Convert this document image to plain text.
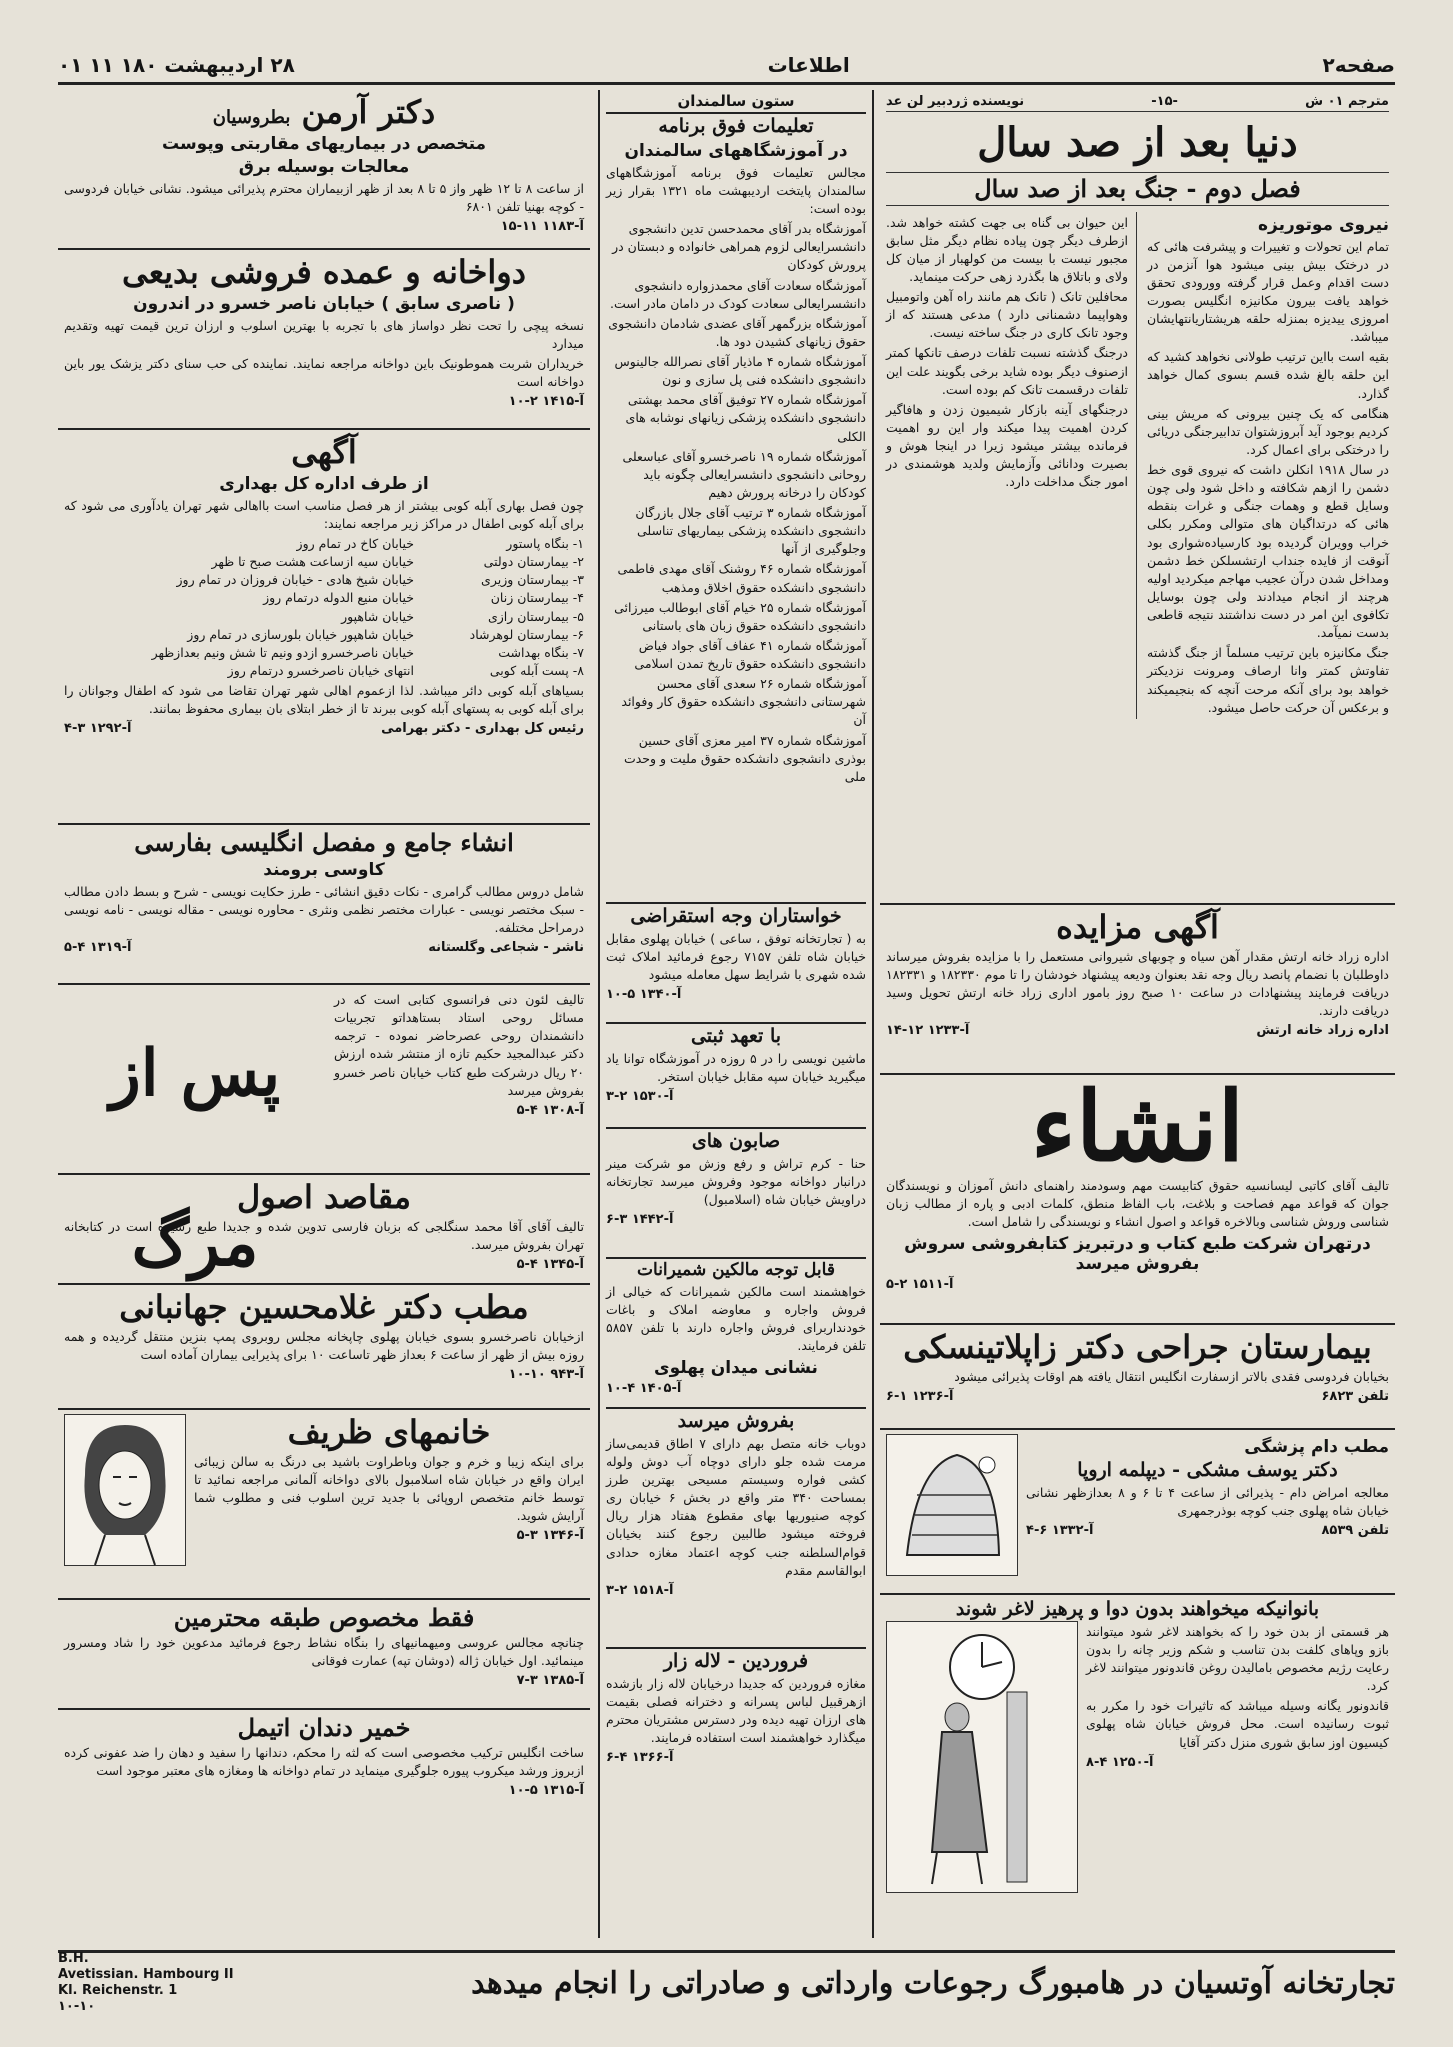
صفحه۲
اطلاعات
۲۸ اردیبهشت ۱۸۰ ۱۱ ۰۱
مترجم ۰۱ ش
-۱۵-
نویسنده ژردبیر لن عد
دنیا بعد از صد سال
فصل دوم - جنگ بعد از صد سال
نیروی موتوریزه

تمام این تحولات و تغییرات و پیشرفت هائی که در درختک بیش بینی میشود هوا آنزمن در دست اقدام وعمل قرار گرفته وورودی تحقق خواهد یافت بیرون مکانیزه انگلیس بصورت امروزی ییدیزه بمنزله حلقه هریشتاریانتهایشان میباشد.

بقیه است بااین ترتیب طولانی نخواهد کشید که این حلقه بالغ شده قسم بسوی کمال خواهد گذارد.

هنگامی که یک چنین بیرونی که مریش بینی کردیم بوجود آید آبروزشتوان تدابیرجنگی دریائی را درختکی برای اعمال کرد.

در سال ۱۹۱۸ انکلن داشت که نیروی قوی خط دشمن را ازهم شکافته و داخل شود ولی چون وسایل قطع و وهمات جنگی و غرات بنقطه هائی که درتداگیان های متوالی ومکرر بکلی خراب وویران گردیده بود کارسیاده‌شواری بود آنوقت از فایده جنداب ارتشسلکن خط دشمن ومداخل شدن درآن عجیب مهاجم میکردید اولیه هرچند از انجام میدادند ولی چون بوسایل تکافوی این امر در دست نداشتند نتیجه قاطعی بدست نمیآمد.

جنگ مکانیزه باین ترتیب مسلماً از جنگ گذشته تفاوتش کمتر وانا ارصاف ومرونت نزدیکتر خواهد بود برای آنکه مرحت آنچه که بنجیمیکند و برعکس آن حرکت حاصل میشود.

این حیوان بی گناه بی جهت کشته خواهد شد. ازطرف دیگر چون پیاده نظام دیگر مثل سابق مجبور نیست با بیست من کولهبار از میان کل ولای و باتلاق ها بگذرد زهی حرکت مینماید.

محافلین تانک ( تانک هم مانند راه آهن واتومبیل وهواپیما دشمنانی دارد ) مدعی هستند که از وجود تانک کاری در جنگ ساخته نیست.

درجنگ گذشته نسبت تلفات درصف تانکها کمتر ازصنوف دیگر بوده شاید برخی بگویند علت این تلفات درقسمت تانک کم بوده است.

درجنگهای آینه بازکار شیمیون زدن و هافاگیر کردن اهمیت پیدا میکند وار این رو اهمیت فرمانده بیشتر میشود زیرا در اینجا هوش و بصیرت ودانائی وآزمایش ولدید هوشمندی در امور جنگ مداخلت دارد.

آگهی مزایده

اداره زراد خانه ارتش مقدار آهن سیاه و چوبهای شیروانی مستعمل را با مزایده بفروش میرساند داوطلبان با نضمام پانصد ریال وجه نقد بعنوان ودیعه پیشنهاد خودشان را تا موم ۱۸۲۳۳۰ و ۱۸۲۳۳۱ دریافت فرمایند پیشنهادات در ساعت ۱۰ صبح روز بامور اداری زراد خانه ارتش تحویل وسید دریافت دارند.

اداره زراد خانه ارتش
آ-۱۲۳۳ ۱۲-۱۴
انشاء

تالیف آقای کاتبی لیسانسیه حقوق کتابیست مهم وسودمند راهنمای دانش آموزان و نویسندگان جوان که قواعد مهم فصاحت و بلاغت، باب الفاظ منطق، کلمات ادبی و پاره از مطالب زبان شناسی وروش شناسی وبالاخره قواعد و اصول انشاء و نویسندگی را شامل است.

درتهران شرکت طبع کتاب و درتبریز کتابفروشی سروش بفروش میرسد
آ-۱۵۱۱ ۲-۵
بیمارستان جراحی دکتر زاپلاتینسکی

بخیابان فردوسی فقدی بالاتر ازسفارت انگلیس انتقال یافته هم اوقات پذیرائی میشود

تلفن ۶۸۲۳
آ-۱۲۳۶ ۱-۶
مطب دام پزشگی
دکتر یوسف مشکی - دیپلمه اروپا

معالجه امراض دام - پذیرائی از ساعت ۴ تا ۶ و ۸ بعدازظهر نشانی خیابان شاه پهلوی جنب کوچه بوذرجمهری

تلفن ۸۵۳۹
آ-۱۳۳۲ ۶-۴
بانوانیکه میخواهند بدون دوا و پرهیز لاغر شوند

هر قسمتی از بدن خود را که بخواهند لاغر شود میتوانند بازو وپاهای کلفت بدن تناسب و شکم وزیر چانه را بدون رعایت رژیم مخصوص بامالیدن روغن قاندونور میتوانند لاغر کرد.

قاندونور یگانه وسیله میباشد که تاثیرات خود را مکرر به ثبوت رسانیده است. محل فروش خیابان شاه پهلوی کیسیون اوز سابق شوری منزل دکتر آقایا

آ-۱۲۵۰ ۴-۸
ستون سالمندان
تعلیمات فوق برنامه
در آموزشگاههای سالمندان

مجالس تعلیمات فوق برنامه آموزشگاههای سالمندان پایتخت اردیبهشت ماه ۱۳۲۱ بقرار زیر بوده است:

آموزشگاه بدر آقای محمدحسن تدین دانشجوی دانشسرایعالی لزوم همراهی خانواده و دبستان در پرورش کودکان
آموزشگاه سعادت آقای محمدزواره دانشجوی دانشسرایعالی سعادت کودک در دامان مادر است.
آموزشگاه بزرگمهر آقای عضدی شادمان دانشجوی حقوق زیانهای کشیدن دود ها.
آموزشگاه شماره ۴ ماذیار آقای نصرالله جالینوس دانشجوی دانشکده فنی پل سازی و نون
آموزشگاه شماره ۲۷ توفیق آقای محمد بهشتی دانشجوی دانشکده پزشکی زیانهای نوشابه های الکلی
آموزشگاه شماره ۱۹ ناصرخسرو آقای عباسعلی روحانی دانشجوی دانشسرایعالی چگونه باید کودکان را درخانه پرورش دهیم
آموزشگاه شماره ۳ ترتیب آقای جلال بازرگان دانشجوی دانشکده پزشکی بیماریهای تناسلی وجلوگیری از آنها
آموزشگاه شماره ۴۶ روشنک آقای مهدی فاطمی دانشجوی دانشکده حقوق اخلاق ومذهب
آموزشگاه شماره ۲۵ خیام آقای ابوطالب میرزائی دانشجوی دانشکده حقوق زبان های باستانی
آموزشگاه شماره ۴۱ عفاف آقای جواد فیاض دانشجوی دانشکده حقوق تاریخ تمدن اسلامی
آموزشگاه شماره ۲۶ سعدی آقای محسن شهرستانی دانشجوی دانشکده حقوق کار وفوائد آن
آموزشگاه شماره ۳۷ امیر معزی آقای حسین بوذری دانشجوی دانشکده حقوق ملیت و وحدت ملی
خواستاران وجه استقراضی

به ( تجارتخانه توفق ، ساعی ) خیابان پهلوی مقابل خیابان شاه تلفن ۷۱۵۷ رجوع فرمائید املاک ثبت شده شهری با شرایط سهل معامله میشود

آ-۱۳۴۰ ۵-۱۰
با تعهد ثبتی

ماشین نویسی را در ۵ روزه در آموزشگاه توانا یاد میگیرید خیابان سپه مقابل خیابان استخر.

آ-۱۵۳۰ ۲-۳
صابون های

حنا - کرم تراش و رفع وزش مو شرکت مینر درانبار دواخانه موجود وفروش میرسد تجارتخانه دراویش خیابان شاه (اسلامبول)

آ-۱۴۴۲ ۳-۶
قابل توجه مالکین شمیرانات

خواهشمند است مالکین شمیرانات که خیالی از فروش واجاره و معاوضه املاک و باغات خودنداربرای فروش واجاره دارند با تلفن ۵۸۵۷ تلفن فرمایند.

نشانی میدان پهلوی
آ-۱۴۰۵ ۴-۱۰
بفروش میرسد

دوباب خانه متصل بهم دارای ۷ اطاق قدیمی‌ساز مرمت شده جلو دارای دوچاه آب دوش ولوله کشی فواره وسیستم مسیحی بهترین طرز بمساحت ۳۴۰ متر واقع در بخش ۶ خیابان ری کوچه صنیوریها بهای مقطوع هفتاد هزار ریال فروخته میشود طالبین رجوع کنند بخیابان قوام‌السلطنه جنب کوچه اعتماد مغازه حدادی ابوالقاسم مقدم

آ-۱۵۱۸ ۲-۳
فروردین - لاله زار

مغازه فروردین که جدیدا درخیابان لاله زار بازشده ازهرقبیل لباس پسرانه و دخترانه فصلی بقیمت های ارزان تهیه دیده ودر دسترس مشتریان محترم میگذارد خواهشمند است استفاده فرمایند.

آ-۱۳۶۶ ۴-۶
دکتر آرمن بطروسیان
متخصص در بیماریهای مقاربتی وپوست
معالجات بوسیله برق

از ساعت ۸ تا ۱۲ ظهر واز ۵ تا ۸ بعد از ظهر ازبیماران محترم پذیرائی میشود. نشانی خیابان فردوسی - کوچه بهنیا تلفن ۶۸۰۱

آ-۱۱۸۳ ۱۱-۱۵
دواخانه و عمده فروشی بدیعی
( ناصری سابق ) خیابان ناصر خسرو در اندرون

نسخه پیچی را تحت نظر دواساز های با تجربه با بهترین اسلوب و ارزان ترین قیمت تهیه وتقدیم میدارد

خریداران شربت هموطونیک باین دواخانه مراجعه نمایند. نماینده کی حب سنای دکتر یزشک یور باین دواخانه است

آ-۱۴۱۵ ۲-۱۰
آگهی
از طرف اداره کل بهداری

چون فصل بهاری آبله کوبی بیشتر از هر فصل مناسب است بااهالی شهر تهران یادآوری می شود که برای آبله کوبی اطفال در مراکز زیر مراجعه نمایند:

۱- بنگاه پاستور
خیابان کاخ در تمام روز
۲- بیمارستان دولتی
خیابان سیه ازساعت هشت صبح تا ظهر
۳- بیمارستان وزیری
خیابان شیخ هادی - خیابان فروزان در تمام روز
۴- بیمارستان زنان
خیابان منیع الدوله درتمام روز
۵- بیمارستان رازی
خیابان شاهپور
۶- بیمارستان لوهرشاد
خیابان شاهپور خیابان بلورسازی در تمام روز
۷- بنگاه بهداشت
خیابان ناصرخسرو ازدو ونیم تا شش ونیم بعدازظهر
۸- پست آبله کوبی
انتهای خیابان ناصرخسرو درتمام روز

بسیاهای آبله کوبی دائر میباشد. لذا ازعموم اهالی شهر تهران تقاضا می شود که اطفال وجوانان را برای آبله کوبی به پستهای آبله کوبی ببرند تا از خطر ابتلای بان بیماری محفوظ بمانند.

رئیس کل بهداری - دکتر بهرامی
آ-۱۲۹۲ ۳-۴
انشاء جامع و مفصل انگلیسی بفارسی
کاوسی برومند

شامل دروس مطالب گرامری - نکات دقیق انشائی - طرز حکایت نویسی - شرح و بسط دادن مطالب - سبک مختصر نویسی - عبارات مختصر نظمی ونثری - محاوره نویسی - مقاله نویسی - نامه نویسی درمراحل مختلفه.

ناشر - شجاعی وگلستانه
آ-۱۳۱۹ ۴-۵

تالیف لئون دنی فرانسوی کتابی است که در مسائل روحی استاد بستاهداتو تجربیات دانشمندان روحی عصرحاضر نموده - ترجمه دکتر عبدالمجید حکیم تازه از منتشر شده ارزش ۲۰ ریال درشرکت طبع کتاب خیابان ناصر خسرو بفروش میرسد

آ-۱۳۰۸ ۴-۵
پس از مرگ
مقاصد اصول

تالیف آقای آقا محمد سنگلجی که بزبان فارسی تدوین شده و جدیدا طبع رسیده است در کتابخانه تهران بفروش میرسد.

آ-۱۳۴۵ ۴-۵
مطب دکتر غلامحسین جهانبانی

ازخیابان ناصرخسرو بسوی خیابان پهلوی چاپخانه مجلس روبروی پمپ بنزین منتقل گردیده و همه روزه بیش از ظهر از ساعت ۶ بعداز ظهر تاساعت ۱۰ برای پذیرایی بیماران آماده است

آ-۹۴۳ ۱۰-۱۰
خانمهای ظریف

برای اینکه زیبا و خرم و جوان وباطراوت باشید بی درنگ به سالن زیبائی ایران واقع در خیابان شاه اسلامبول بالای دواخانه آلمانی مراجعه نمائید تا توسط خانم متخصص اروپائی با جدید ترین اسلوب فنی و مطلوب شما آرایش شوید.

آ-۱۳۴۶ ۳-۵
فقط مخصوص طبقه محترمین

چنانچه مجالس عروسی ومیهمانیهای را بنگاه نشاط رجوع فرمائید مدعوین خود را شاد ومسرور مینمائید. اول خیابان ژاله (دوشان تپه) عمارت فوقانی

آ-۱۳۸۵ ۳-۷
خمیر دندان اتیمل

ساخت انگلیس ترکیب مخصوصی است که لثه را محکم، دندانها را سفید و دهان را ضد عفونی کرده ازبروز ورشد میکروب پیوره جلوگیری مینماید در تمام دواخانه ها ومغازه های معتبر موجود است

آ-۱۳۱۵ ۵-۱۰
تجارتخانه آوتسیان در هامبورگ رجوعات وارداتی و صادراتی را انجام میدهد
B.H.
Avetissian. Hambourg II
Kl. Reichenstr. 1
۱۰-۱۰
